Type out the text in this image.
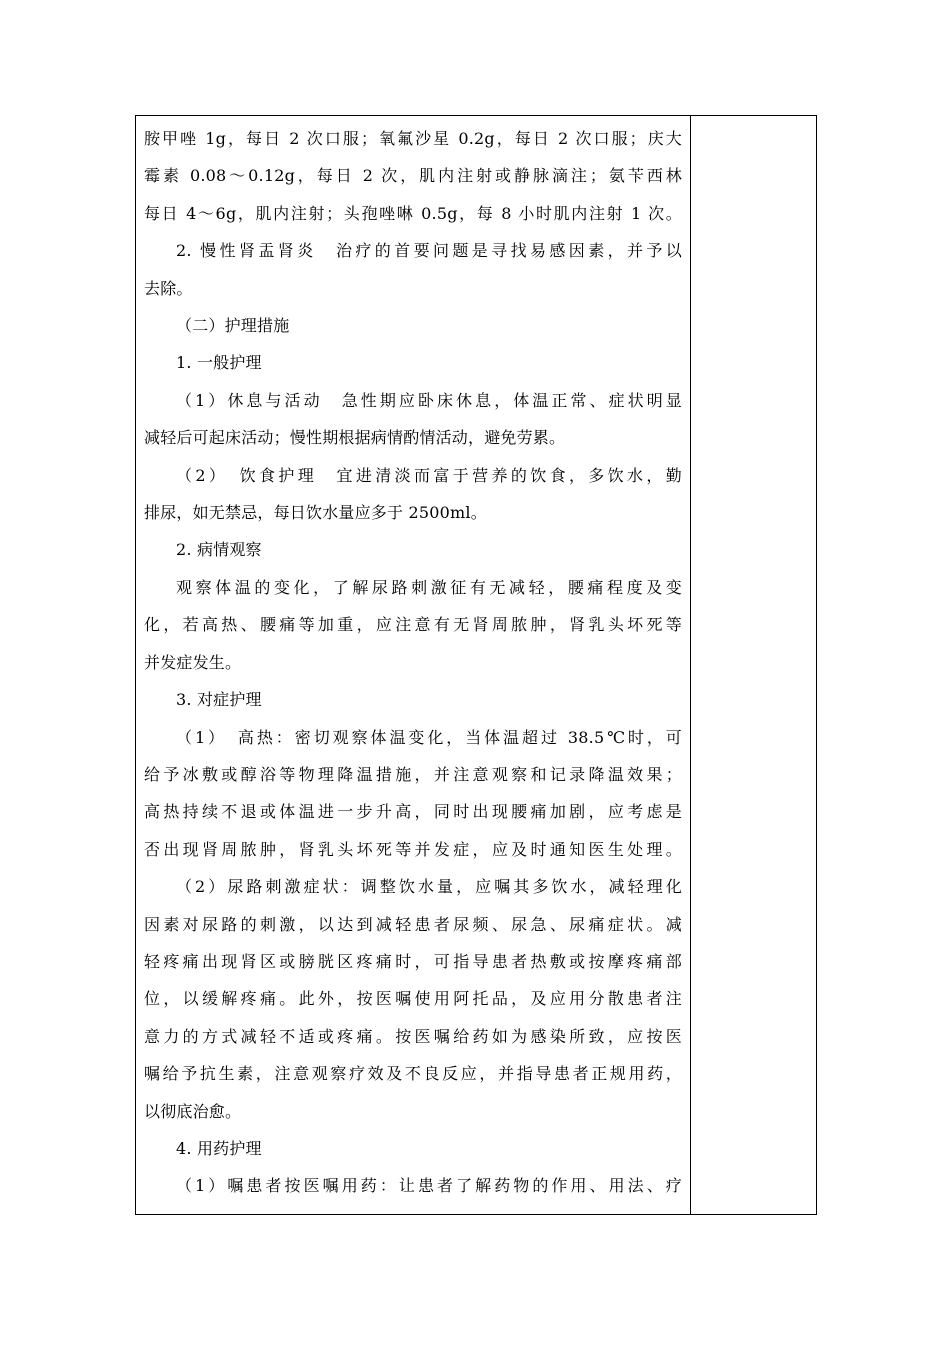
胺甲唑 1g，每日 2 次口服；氧氟沙星 0.2g，每日 2 次口服；庆大
霉素 0.08～0.12g，每日 2 次，肌内注射或静脉滴注；氨苄西林
每日 4～6g，肌内注射；头孢唑啉 0.5g，每 8 小时肌内注射 1 次。
2. 慢性肾盂肾炎　治疗的首要问题是寻找易感因素，并予以
去除。
（二）护理措施
1. 一般护理
（1）休息与活动　急性期应卧床休息，体温正常、症状明显
减轻后可起床活动；慢性期根据病情酌情活动，避免劳累。
（2）　饮食护理　宜进清淡而富于营养的饮食，多饮水，勤
排尿，如无禁忌，每日饮水量应多于 2500ml。
2. 病情观察
观察体温的变化，了解尿路刺激征有无减轻，腰痛程度及变
化，若高热、腰痛等加重，应注意有无肾周脓肿，肾乳头坏死等
并发症发生。
3. 对症护理
（1）　高热：密切观察体温变化，当体温超过 38.5℃时，可
给予冰敷或醇浴等物理降温措施，并注意观察和记录降温效果；
高热持续不退或体温进一步升高，同时出现腰痛加剧，应考虑是
否出现肾周脓肿，肾乳头坏死等并发症，应及时通知医生处理。
（2）尿路刺激症状：调整饮水量，应嘱其多饮水，减轻理化
因素对尿路的刺激，以达到减轻患者尿频、尿急、尿痛症状。减
轻疼痛出现肾区或膀胱区疼痛时，可指导患者热敷或按摩疼痛部
位，以缓解疼痛。此外，按医嘱使用阿托品，及应用分散患者注
意力的方式减轻不适或疼痛。按医嘱给药如为感染所致，应按医
嘱给予抗生素，注意观察疗效及不良反应，并指导患者正规用药，
以彻底治愈。
4. 用药护理
（1）嘱患者按医嘱用药：让患者了解药物的作用、用法、疗
